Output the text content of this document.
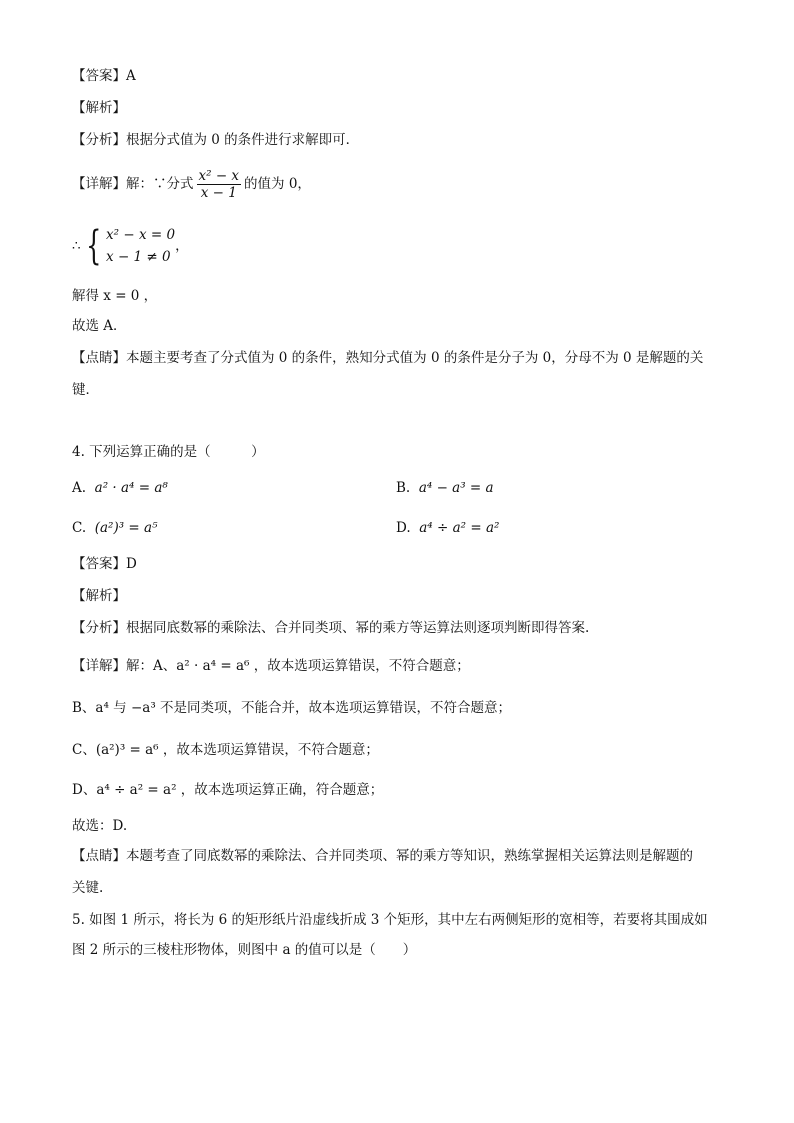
【答案】A
【解析】
【分析】根据分式值为 0 的条件进行求解即可．
【详解】解：∵分式 $\frac{\text{x² − x}}{x - 1}$ 的值为 0，
∴ { x² − x = 0
x − 1 ≠ 0
，
解得 x = 0 ，
故选 A．
【点睛】本题主要考查了分式值为 0 的条件，熟知分式值为 0 的条件是分子为 0，分母不为 0 是解题的关
键．
4. 下列运算正确的是（　　　）
A. a² · a⁴ = a⁸	B. a⁴ − a³ = a
C. (a²)³ = a⁵	D. a⁴ ÷ a² = a²
【答案】D
【解析】
【分析】根据同底数幂的乘除法、合并同类项、幂的乘方等运算法则逐项判断即得答案.
【详解】解：A、a² · a⁴ = a⁶ ，故本选项运算错误，不符合题意；
B、a⁴ 与 −a³ 不是同类项，不能合并，故本选项运算错误，不符合题意；
C、(a²)³ = a⁶ ，故本选项运算错误，不符合题意；
D、a⁴ ÷ a² = a² ，故本选项运算正确，符合题意；
故选：D.
【点睛】本题考查了同底数幂的乘除法、合并同类项、幂的乘方等知识，熟练掌握相关运算法则是解题的
关键.
5. 如图 1 所示，将长为 6 的矩形纸片沿虚线折成 3 个矩形，其中左右两侧矩形的宽相等，若要将其围成如
图 2 所示的三棱柱形物体，则图中 a 的值可以是（　　）
